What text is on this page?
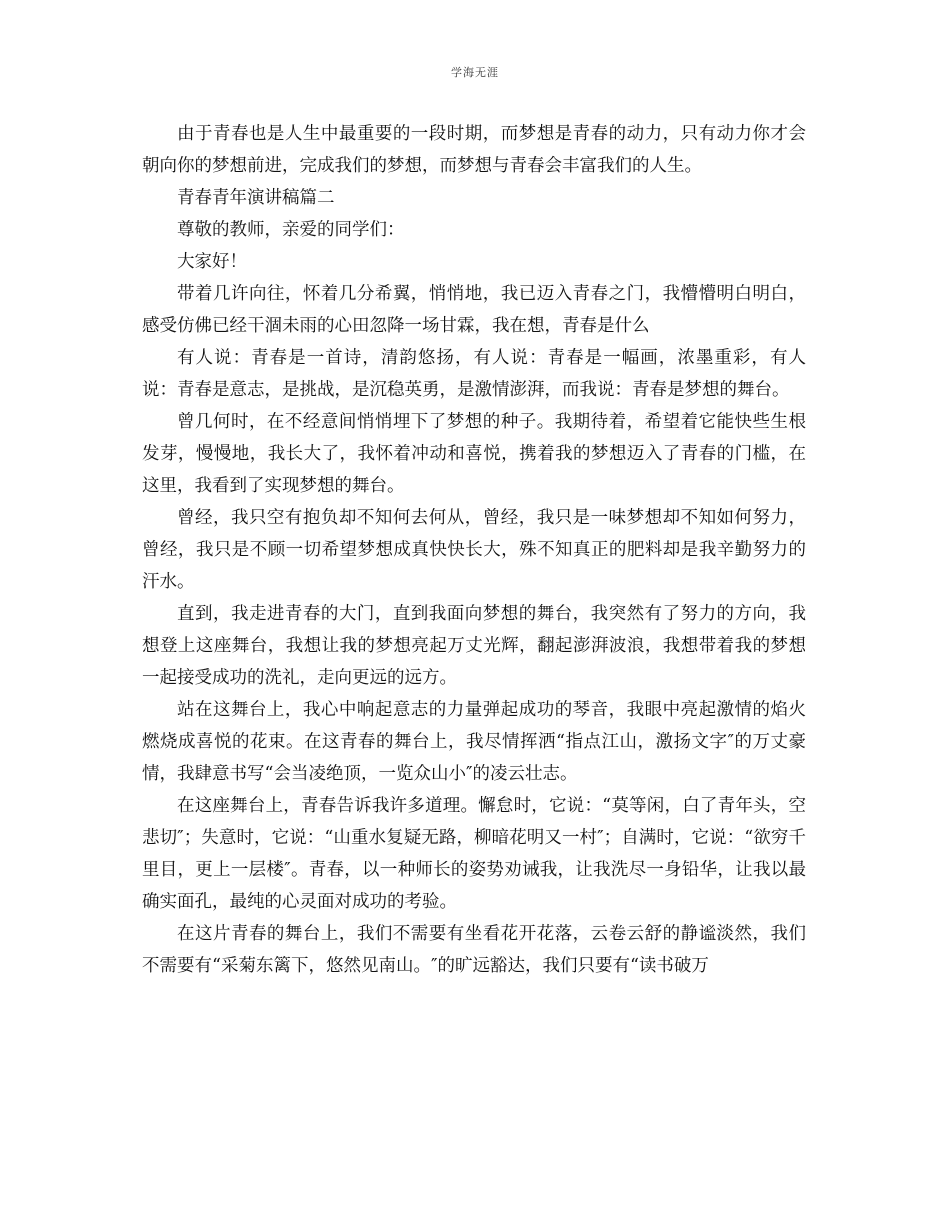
学海无涯

由于青春也是人生中最重要的一段时期，而梦想是青春的动力，只有动力你才会朝向你的梦想前进，完成我们的梦想，而梦想与青春会丰富我们的人生。

青春青年演讲稿篇二

尊敬的教师，亲爱的同学们：

大家好！

带着几许向往，怀着几分希翼，悄悄地，我已迈入青春之门，我懵懵明白明白，感受仿佛已经干涸未雨的心田忽降一场甘霖，我在想，青春是什么

有人说：青春是一首诗，清韵悠扬，有人说：青春是一幅画，浓墨重彩，有人说：青春是意志，是挑战，是沉稳英勇，是激情澎湃，而我说：青春是梦想的舞台。

曾几何时，在不经意间悄悄埋下了梦想的种子。我期待着，希望着它能快些生根发芽，慢慢地，我长大了，我怀着冲动和喜悦，携着我的梦想迈入了青春的门槛，在这里，我看到了实现梦想的舞台。

曾经，我只空有抱负却不知何去何从，曾经，我只是一味梦想却不知如何努力，曾经，我只是不顾一切希望梦想成真快快长大，殊不知真正的肥料却是我辛勤努力的汗水。

直到，我走进青春的大门，直到我面向梦想的舞台，我突然有了努力的方向，我想登上这座舞台，我想让我的梦想亮起万丈光辉，翻起澎湃波浪，我想带着我的梦想一起接受成功的洗礼，走向更远的远方。

站在这舞台上，我心中响起意志的力量弹起成功的琴音，我眼中亮起激情的焰火燃烧成喜悦的花束。在这青春的舞台上，我尽情挥洒“指点江山，激扬文字″的万丈豪情，我肆意书写“会当凌绝顶，一览众山小″的凌云壮志。

在这座舞台上，青春告诉我许多道理。懈怠时，它说：“莫等闲，白了青年头，空悲切″；失意时，它说：“山重水复疑无路，柳暗花明又一村″；自满时，它说：“欲穷千里目，更上一层楼″。青春，以一种师长的姿势劝诫我，让我洗尽一身铅华，让我以最确实面孔，最纯的心灵面对成功的考验。

在这片青春的舞台上，我们不需要有坐看花开花落，云卷云舒的静谧淡然，我们不需要有“采菊东篱下，悠然见南山。″的旷远豁达，我们只要有“读书破万
